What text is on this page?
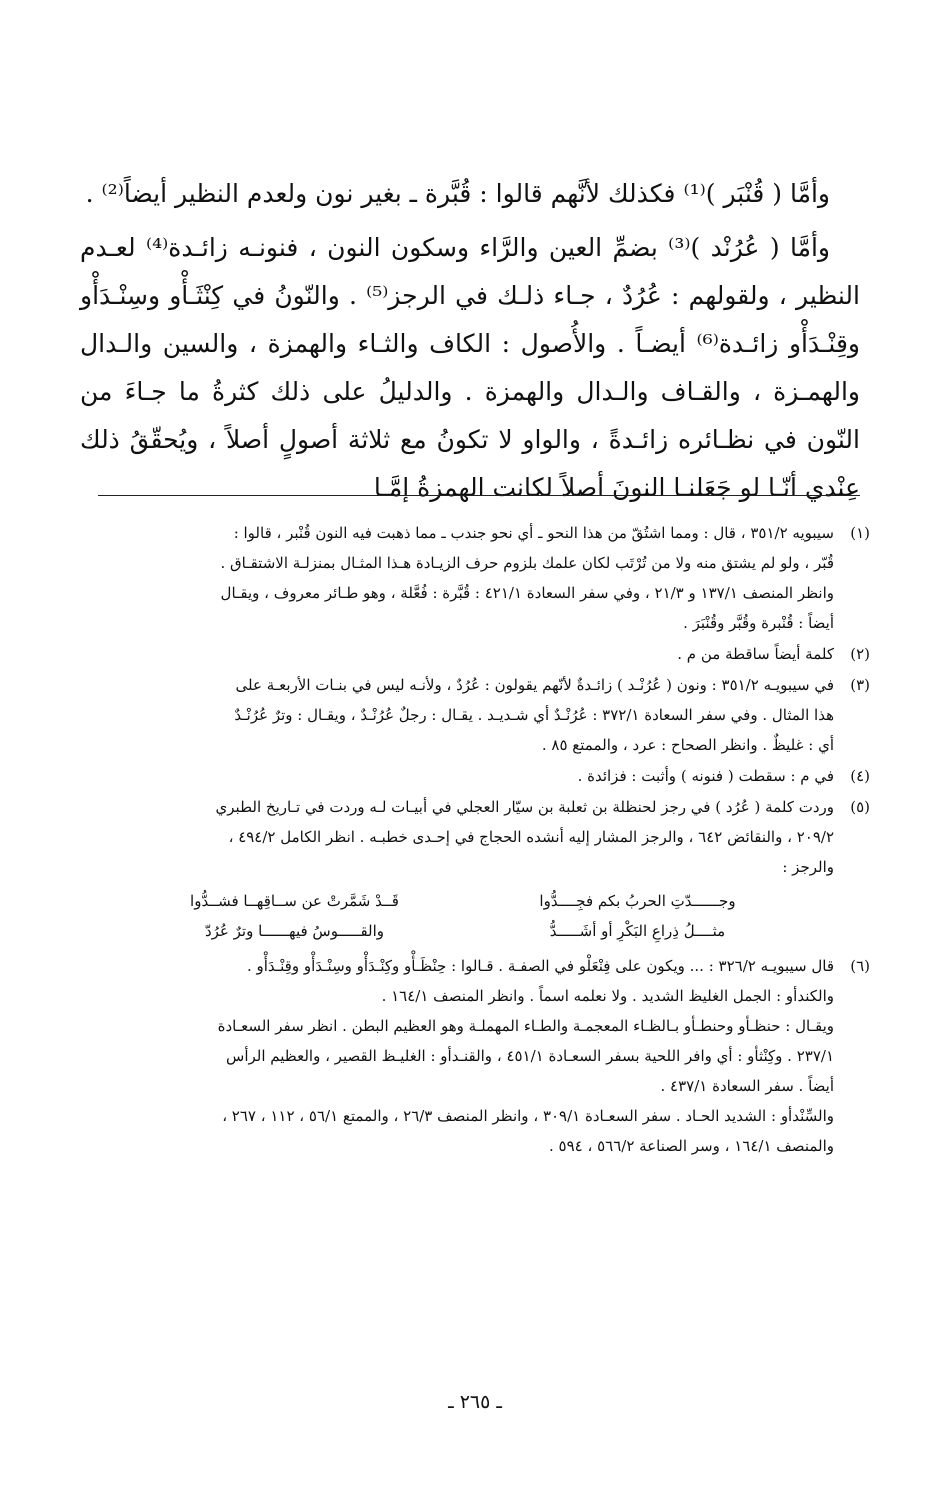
وأمَّا ( قُنْبَر )⁽¹⁾ فكذلك لأنَّهم قالوا : قُبَّرة ـ بغير نون ولعدم النظير أيضاً⁽²⁾ .

وأمَّا ( عُرُنْد )⁽³⁾ بضمِّ العين والرَّاء وسكون النون ، فنونـه زائـدة⁽⁴⁾ لعـدم النظير ، ولقولهم : عُرُدٌ ، جـاء ذلـك في الرجز⁽⁵⁾ . والنّونُ في كِنْثَـأْو وسِنْـدَأْو وقِنْـدَأْو زائـدة⁽⁶⁾ أيضـاً . والأُصول : الكاف والثـاء والهمزة ، والسين والـدال والهمـزة ، والقـاف والـدال والهمزة . والدليلُ على ذلك كثرةُ ما جـاءَ من النّون في نظـائره زائـدةً ، والواو لا تكونُ مع ثلاثة أصولٍ أصلاً ، ويُحقّقُ ذلك عِنْدي أنّـا لو جَعَلنـا النونَ أصلاً لكانت الهمزةُ إمَّـا

(١)
سيبويه ٣٥١/٢ ، قال : ومما اشتُقّ من هذا النحو ـ أي نحو جندب ـ مما ذهبت فيه النون قُنْبر ، قالوا :
قُبّر ، ولو لم يشتق منه ولا من تُرْتَب لكان علمك بلزوم حرف الزيـادة هـذا المثـال بمنزلـة الاشتقـاق .
وانظر المنصف ١٣٧/١ و ٢١/٣ ، وفي سفر السعادة ٤٢١/١ : قُبَّرة : فُعَّلة ، وهو طـائر معروف ، ويقـال
أيضاً : قُنْبرة وقُبَّر وقُنْبَرَ .
(٢)
كلمة أيضاً ساقطة من م .
(٣)
في سيبويـه ٣٥١/٢ : ونون ( عُرُنْـد ) زائـدةٌ لأنّهم يقولون : عُرُدٌ ، ولأنـه ليس في بنـات الأربعـة على
هذا المثال . وفي سفر السعادة ٣٧٢/١ : عُرُنْـدٌ أي شـديـد . يقـال : رجلٌ عُرُنْـدٌ ، ويقـال : وترٌ عُرُنْـدٌ
أي : غليظٌ . وانظر الصحاح : عرد ، والممتع ٨٥ .
(٤)
في م : سقطت ( فنونه ) وأثبت : فزائدة .
(٥)
وردت كلمة ( عُرُد ) في رجز لحنظلة بن ثعلبة بن سيّار العجلي في أبيـات لـه وردت في تـاريخ الطبري
٢٠٩/٢ ، والنقائض ٦٤٢ ، والرجز المشار إليه أنشده الحجاج في إحـدى خطبـه . انظر الكامل ٤٩٤/٢ ،
والرجز :
وجــــــدّتِ الحربُ بكم فجِــــدُّوا
قَــدْ شَمَّرتْ عن ســاقِهــا فشــدُّوا
مثــــلُ ذِراعِ البَكْرِ أو أشَـــــدُّ
والقـــــوسُ فيهــــــا وترٌ عُرُدّ
(٦)
قال سيبويـه ٣٢٦/٢ : ... ويكون على فِنْعَلْو في الصفـة . قـالوا : حِنْظَـأْو وكِنْـدَأْو وسِنْـدَأْو وقِنْـدَأْو .
والكندأو : الجمل الغليظ الشديد . ولا نعلمه اسماً . وانظر المنصف ١٦٤/١ .
ويقـال : حنظـأو وحنطـأو بـالظـاء المعجمـة والطـاء المهملـة وهو العظيم البطن . انظر سفر السعـادة
٢٣٧/١ . وكِنْثأو : أي وافر اللحية بسفر السعـادة ٤٥١/١ ، والقنـدأو : الغليـظ القصير ، والعظيم الرأس
أيضاً . سفر السعادة ٤٣٧/١ .
والسِّنْدأو : الشديد الحـاد . سفر السعـادة ٣٠٩/١ ، وانظر المنصف ٢٦/٣ ، والممتع ٥٦/١ ، ١١٢ ، ٢٦٧ ،
والمنصف ١٦٤/١ ، وسر الصناعة ٥٦٦/٢ ، ٥٩٤ .
ـ ٢٦٥ ـ
